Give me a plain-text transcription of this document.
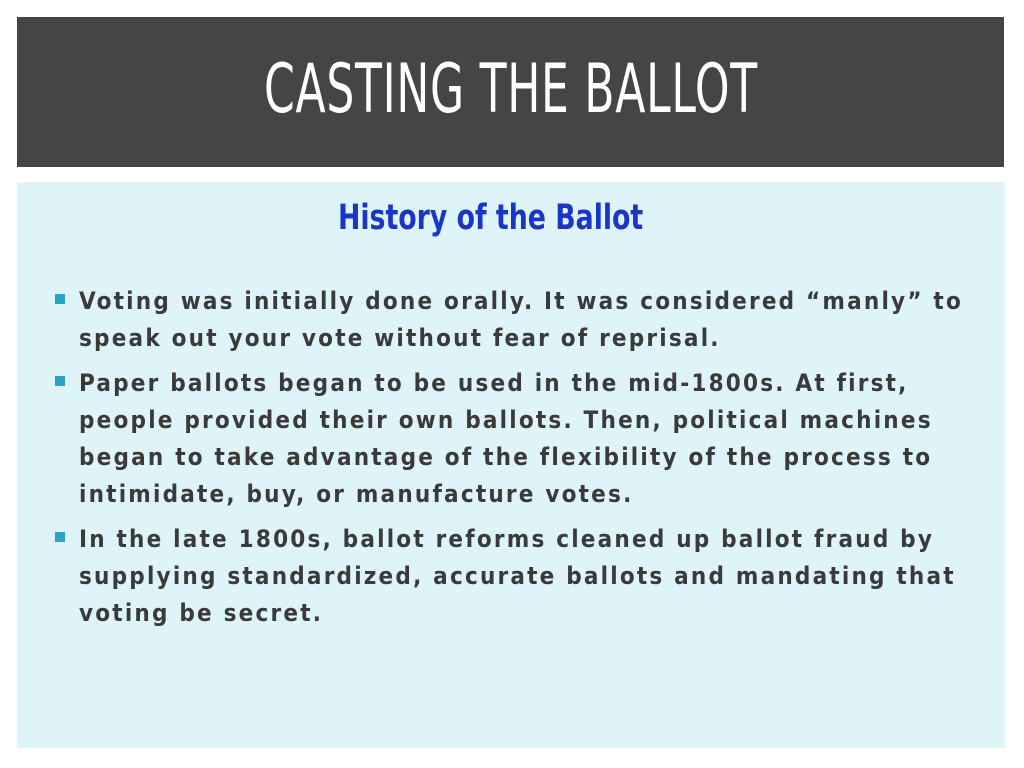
CASTING THE BALLOT
History of the Ballot
Voting was initially done orally. It was considered “manly” to speak out your vote without fear of reprisal.
Paper ballots began to be used in the mid-1800s. At first, people provided their own ballots. Then, political machines began to take advantage of the flexibility of the process to intimidate, buy, or manufacture votes.
In the late 1800s, ballot reforms cleaned up ballot fraud by supplying standardized, accurate ballots and mandating that voting be secret.
